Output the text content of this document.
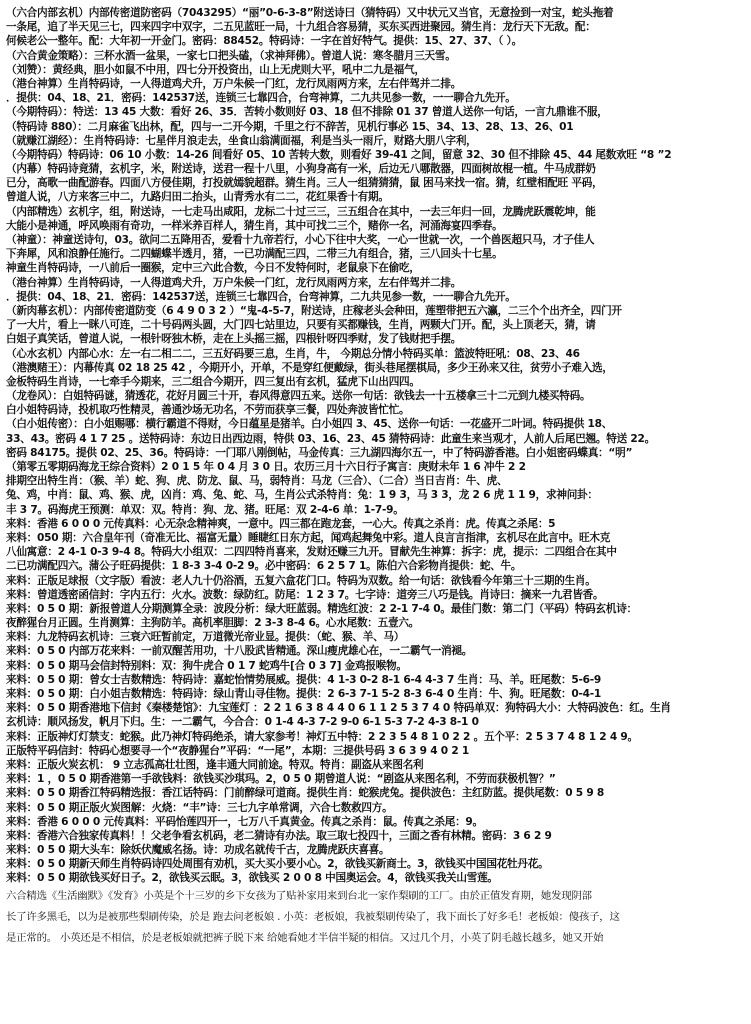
（六合内部玄机）内部传密道防密码（7043295）“丽”0-6-3-8”附送诗曰（猜特码）又中状元又当官，无意捡到一对宝，蛇头拖着
一条尾，追了半天见三七，四来四字中双字，二五见蓝旺一局，十九组合容易猜，买东买西进聚园。猜生肖：龙行天下无敌。配：
何候老公一整年。配：大年初一开金门。密码：88452。特码诗：一字在首好特气。提供：15、27、37、（ ）。
（六合黄金策略）：三杯水酒一盆果，一家七口把头磕，（求神拜佛）。曾道人说：寒冬腊月三天雪。
（刘赞）：黄经典，胆小如鼠不中用，四七分开投资出，山上无虎则大平，吼中二九是福气，
（港台神算）生肖特码诗，一人得道鸡犬升，万户朱候一门红，龙行凤雨两方来，左右伴驾并二排。
．提供：04、18、21．密码：142537送，连锁三七靠四合，台弯神算，二九共见参一数，一一聊合九先开。
（今期特码）：特送：13 45 大数：看好 26、35．苦转小数则好 03、18 但不排除 01 37 曾道人送你一句话，一言九鼎谁不服，
（特码诗 880）：二月麻雀飞出林，配，四与一二开今期，千里之行不辞苦，见机行事必 15、34、13、28、13、26、01
（就赚江湖经）：生肖特码诗：七星伴月浪走去，坐食山翁满面福，利是当头一雨斤，财路大朋八字利，
（今期特码）特码诗：06 10 小数：14-26 间看好 05、10 苦转大数，则看好 39-41 之间，留意 32、30 但不排除 45、44 尾数欢旺 “8 ”2
（内幕）特码诗竟猜，玄机字，米，附送诗，送君一程十八里，小狗身高有一米，后边无八哪散器，四面树故棍一植。牛马成群奶
已分，高歌一曲配游春。四面八方侵佳期，打投就嫣貌超群。猜生肖。三人一组猜猜猜，鼠 困马来找一宿。猜，红壁相配旺 平码，
曾道人说，八方来客三中二，九路归田二抬头，山青秀水有二二，花红果香十有期。
（内部精选）玄机字，组，附送诗，一七走马出咸阳，龙标二十过三三，三五组合在其中，一去三年归一回，龙腾虎跃震乾坤，能
大能小是神通，呼风唤雨有奇功，一样米养百样人，猜生肖，其中可找二三个，赌你一名，河涌海宴四季春。
（神童）：神童送诗句，03。欲问二五降用否，爱看十九帝若行，小心下往中大奖，一心一世就一次，一个兽医超只马，才子佳人
下奔犀，风和浪静任施行。二四蝴蝶半透月，猪，一已功满配三四，二带三九有组合，猪，三八回头十七星。
神童生肖特码诗，一八前后一圈猴，定中三六此合数，今日不发特何时，老鼠泉下在偷吃，
（港台神算）生肖特码诗，一人得道鸡犬升，万户朱候一门红，龙行凤雨两方来，左右伴驾并二排。
．提供：04、18、21．密码：142537送，连锁三七靠四合，台弯神算，二九共见参一数，一一聊合九先开。
（新肉幕玄机）：内部传密道防变（6 4 9 0 3 2 ）“鬼-4-5-7，附送诗，庄稼老头会种田，莲塑带把五六瀛，二三个个出齐全，四门开
了一大片，看上一眯八可连，二十号码两头圆，大门四七站里边，只要有买都赚钱，生肖，两颗大门开。配，头上顶老天，猜，请
白姐子真笑话，曾道人说，一根针呀独木桥，走在上头摇三摇，四根针呀四季财，发了钱财把手摆。
（心水玄机）内部心水：左一右二相二二，三五好码要三息，生肖，牛， 今期总分情小特码买单：篮波特旺吼：08、23、46
（港澳赌王）：内幕传真 02 18 25 42 ，今期开小，开单，不是穿红便戴绿，街头巷尾摆棋局，多少王孙来又往，贫劳小子难入选，
金板特码生肖诗，一七牵手今期来，三二组合今期开，四三复出有玄机，猛虎下山出四四。
（龙卷风）：白姐特码谜，猜透花，花好月圆三十开，春风得意四五来。送你一句话：欲钱去一十五楼拿三十二元到九楼买特码。
白小姐特码诗，投机取巧性精灵，善通沙场无功名，不劳而获享三餐，四处奔波皆忙忙。
（白小姐传密）：白小姐赐哪：横行霸道不得财，今日蕴星是猪羊。白小姐四 3、45、送你一句话：一花盛开二叶词。特码提供 18、
33、43。密码 4 1 7 25 。送特码诗：东边日出西边雨，特供 03、16、23、45 猜特码诗：此童生来当观才，人前人后尾巴翘。特送 22。
密码 84175。提供 02、25、36。特码诗：一门耶八刚倒帖，马金传真：三九湖四海尔五一，中了特码游香港。白小姐密码蝶真：“明”
（第零五零期码海龙王综合资料）2 0 1 5 年 0 4 月 3 0 日。农历三月十六日行子寓言：庚财未年 1 6 冲牛 2 2
排期空出特生肖：（猴、羊）蛇、狗、虎、防龙、鼠、马，弱特肖：马龙（三合）、（二合）当日吉肖：牛、虎、
兔、鸡，中肖：鼠、鸡、猴、虎，凶肖：鸡、兔、蛇、马，生肖公式杀特肖：兔：1 9 3，马 3 3，龙 2 6 虎 1 1 9，求神问卦：
丰 3 7。码海虎王预测：单双：双。特肖：狗、龙、猪。旺尾：双 2-4-6 单：1-7-9。
来料：香港 6 0 0 0 元传真料：心无杂念精神爽，一意中。四三都在跑龙套，一心大。传真之杀肖：虎。传真之杀尾：5
来料：050 期：六合皇年刊（奇准无比、福富无量）睡睫红日东方起，闻鸡起舞兔中彩。道人良言言指津，玄机尽在此言中。旺木克
八仙寓意：2 4-1 0-3 9-4 8。特码大小组双：二四四特肖喜来，发财还赚三九开。冒献先生神算：拆字：虎，提示：二四组合在其中
二已功满配四六。蒲公子旺码提供：1 8-3 3-4 0-2 9。必中密码：6 2 5 7 1。陈伯六合彩物肖提供：蛇、牛。
来料：正版足球报（文字版）看波：老人九十仍浴酒，五复六盒花门口。特码为双数。给一句话：欲钱看今年第三十三期的生肖。
来料：曾道透密函信封：字内五行：火水。波数：绿防红。防尾：1 2 3 7。七字诗：道旁三八巧是钱。肖诗曰：摘来一九君皆香。
来料：0 5 0 期：新报曾道人分期测算全录：波段分析：绿大旺蓝弱。精选红波：2 2-1 7-4 0。最佳门数：第二门（平码）特码玄机诗：
夜醉猩台月正圆。生肖测算：主狗防羊。高机率胆脚：2 3-3 8-4 6。心水尾数：五壹六。
来料：九龙特码玄机诗：三衰六旺暂前定，万道微光帝业显。提供：（蛇、猴、羊、马）
来料：0 5 0 内部万花来料：一前双醒苦用功，十八股武皆精通。深山瘦虎雄心在，一二霸气一消褪。
来料：0 5 0 期马会信封特别料：双：狗牛虎合 0 1 7 蛇鸡牛[合 0 3 7] 金鸡报喉物。
来料：0 5 0 期：曾女士吉数精选：特码诗：嘉蛇怡情势展威。提供：4 1-3 0-2 8-1 6-4 4-3 7 生肖：马、羊。旺尾数：5-6-9
来料：0 5 0 期：白小姐吉数精选：特码诗：绿山青山寻佳物。提供：2 6-3 7-1 5-2 8-3 6-4 0 生肖：牛、狗。旺尾数：0-4-1
来料：0 5 0 期香港地下信封《秦楼楚馆》：九宝莲灯 ：2 2 1 6 3 8 4 4 0 6 1 1 2 5 3 7 4 0 特码单双：狗特码大小：大特码波色：红。生肖
玄机诗：顺风扬发，帆月下归。生：一二霸气，今合合：0 1-4 4-3 7-2 9-0 6-1 5-3 7-2 4-3 8-1 0
来料：正版神灯灯禁支：蛇猴。此乃神灯特码绝杀，请大家参考！神灯五中特：2 2 3 5 4 8 1 0 2 2 。五个平：2 5 3 7 4 8 1 2 4 9。
正版特平码信封：特码心想要寻一个“夜静猩台”平码：“一尾”，本期：三提供号码 3 6 3 9 4 0 2 1
来料：正版火炭玄机： 9 立志孤高壮壮图，逢丰通大同前途。特双。特肖：副盗从来图名利
来料：1 ，0 5 0 期香港第一手欲钱料：欲钱买沙琪玛。2，0 5 0 期曾道人说：“剧盗从来图名利，不劳而获极机智？”
来料：0 5 0 期香江特码精选报：香江话特码：门前醉绿可道商。提供生肖：蛇猴虎兔。提供波色：主红防蓝。提供尾数：0 5 9 8
来料：0 5 0 期正版火炭图解：火烧：“丰”诗：三七九字单常调，六合七数救四方。
来料：香港 6 0 0 0 元传真料：平码怡莲四开一，七万八千真黄金。传真之杀肖：鼠。传真之杀尾：9。
来料：香港六合独家传真料！！父老争看玄机码，老二猜诗有办法。取三取七投四十，三面之香有林精。密码：3 6 2 9
来料：0 5 0 期大头车：除妖伏魔威名扬。诗：功成名就传千古，龙腾虎跃庆喜喜。
来料：0 5 0 期新天师生肖特码诗四处周围有劝机，买大买小要小心。2，欲钱买新商士。3，欲钱买中国国花牡丹花。
来料：0 5 0 期欲钱买好日子。2，欲钱买云眠。3，欲钱买 2 0 0 8 中国奥运会。4，欲钱买我关山雪莲。
六合精选《生活幽默》《发育》小英是个十三岁的乡下女孩为了贴补家用来到台北一家作梨刷的工厂。由於正值发育期，她发现阴部
长了许多黑毛，以为是被那些梨刷传染，於是 跑去问老板娘 . 小英：老板娘，我被梨刷传染了，我下面长了好多毛！老板娘：傻孩子，这
是正常的。 小英还是不相信，於是老板娘就把裤子脱下来 给她看她才半信半疑的相信。又过几个月，小英了阴毛越长越多，她又开始
